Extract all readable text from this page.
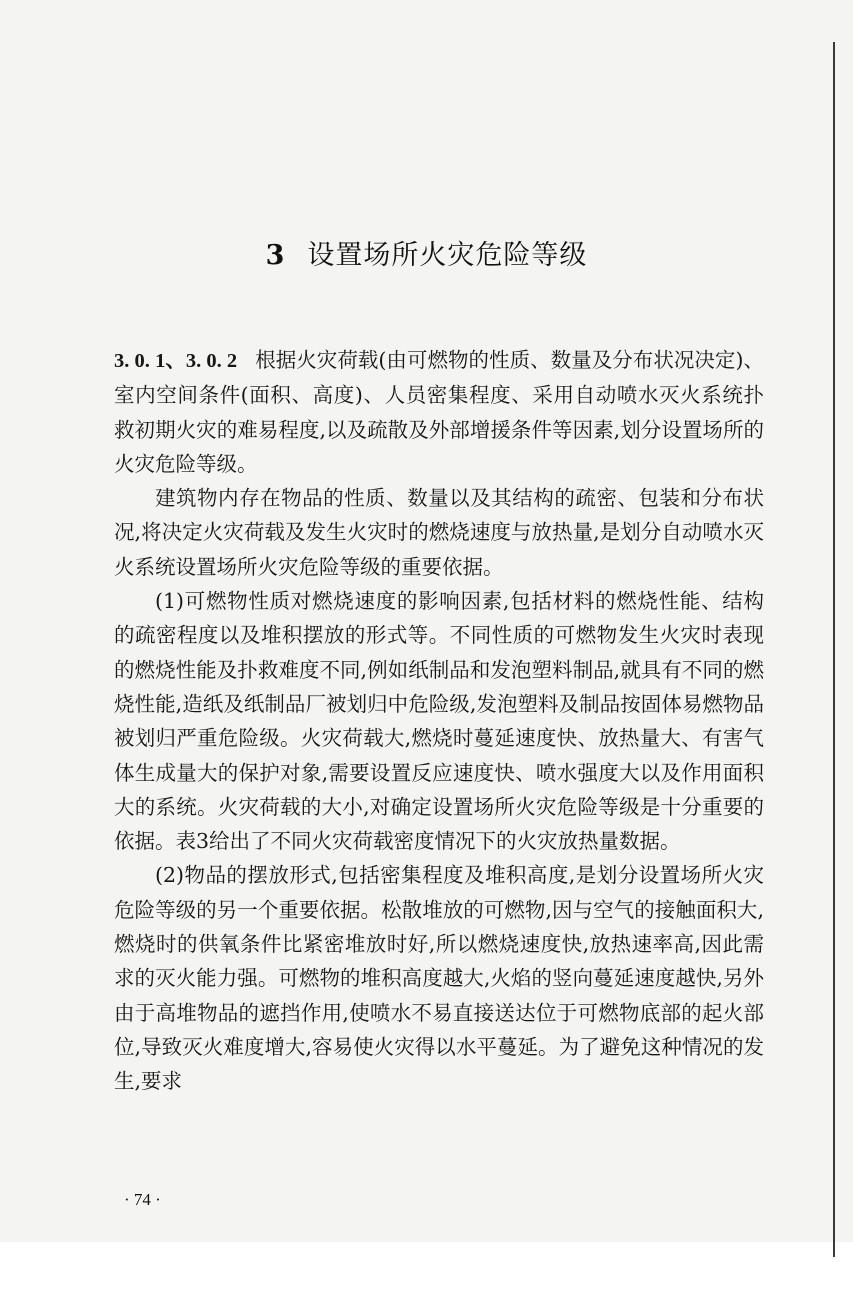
3 设置场所火灾危险等级

3. 0. 1、3. 0. 2 根据火灾荷载(由可燃物的性质、数量及分布状况决定)、室内空间条件(面积、高度)、人员密集程度、采用自动喷水灭火系统扑救初期火灾的难易程度,以及疏散及外部增援条件等因素,划分设置场所的火灾危险等级。

建筑物内存在物品的性质、数量以及其结构的疏密、包装和分布状况,将决定火灾荷载及发生火灾时的燃烧速度与放热量,是划分自动喷水灭火系统设置场所火灾危险等级的重要依据。

(1)可燃物性质对燃烧速度的影响因素,包括材料的燃烧性能、结构的疏密程度以及堆积摆放的形式等。不同性质的可燃物发生火灾时表现的燃烧性能及扑救难度不同,例如纸制品和发泡塑料制品,就具有不同的燃烧性能,造纸及纸制品厂被划归中危险级,发泡塑料及制品按固体易燃物品被划归严重危险级。火灾荷载大,燃烧时蔓延速度快、放热量大、有害气体生成量大的保护对象,需要设置反应速度快、喷水强度大以及作用面积大的系统。火灾荷载的大小,对确定设置场所火灾危险等级是十分重要的依据。表3给出了不同火灾荷载密度情况下的火灾放热量数据。

(2)物品的摆放形式,包括密集程度及堆积高度,是划分设置场所火灾危险等级的另一个重要依据。松散堆放的可燃物,因与空气的接触面积大,燃烧时的供氧条件比紧密堆放时好,所以燃烧速度快,放热速率高,因此需求的灭火能力强。可燃物的堆积高度越大,火焰的竖向蔓延速度越快,另外由于高堆物品的遮挡作用,使喷水不易直接送达位于可燃物底部的起火部位,导致灭火难度增大,容易使火灾得以水平蔓延。为了避免这种情况的发生,要求

· 74 ·
